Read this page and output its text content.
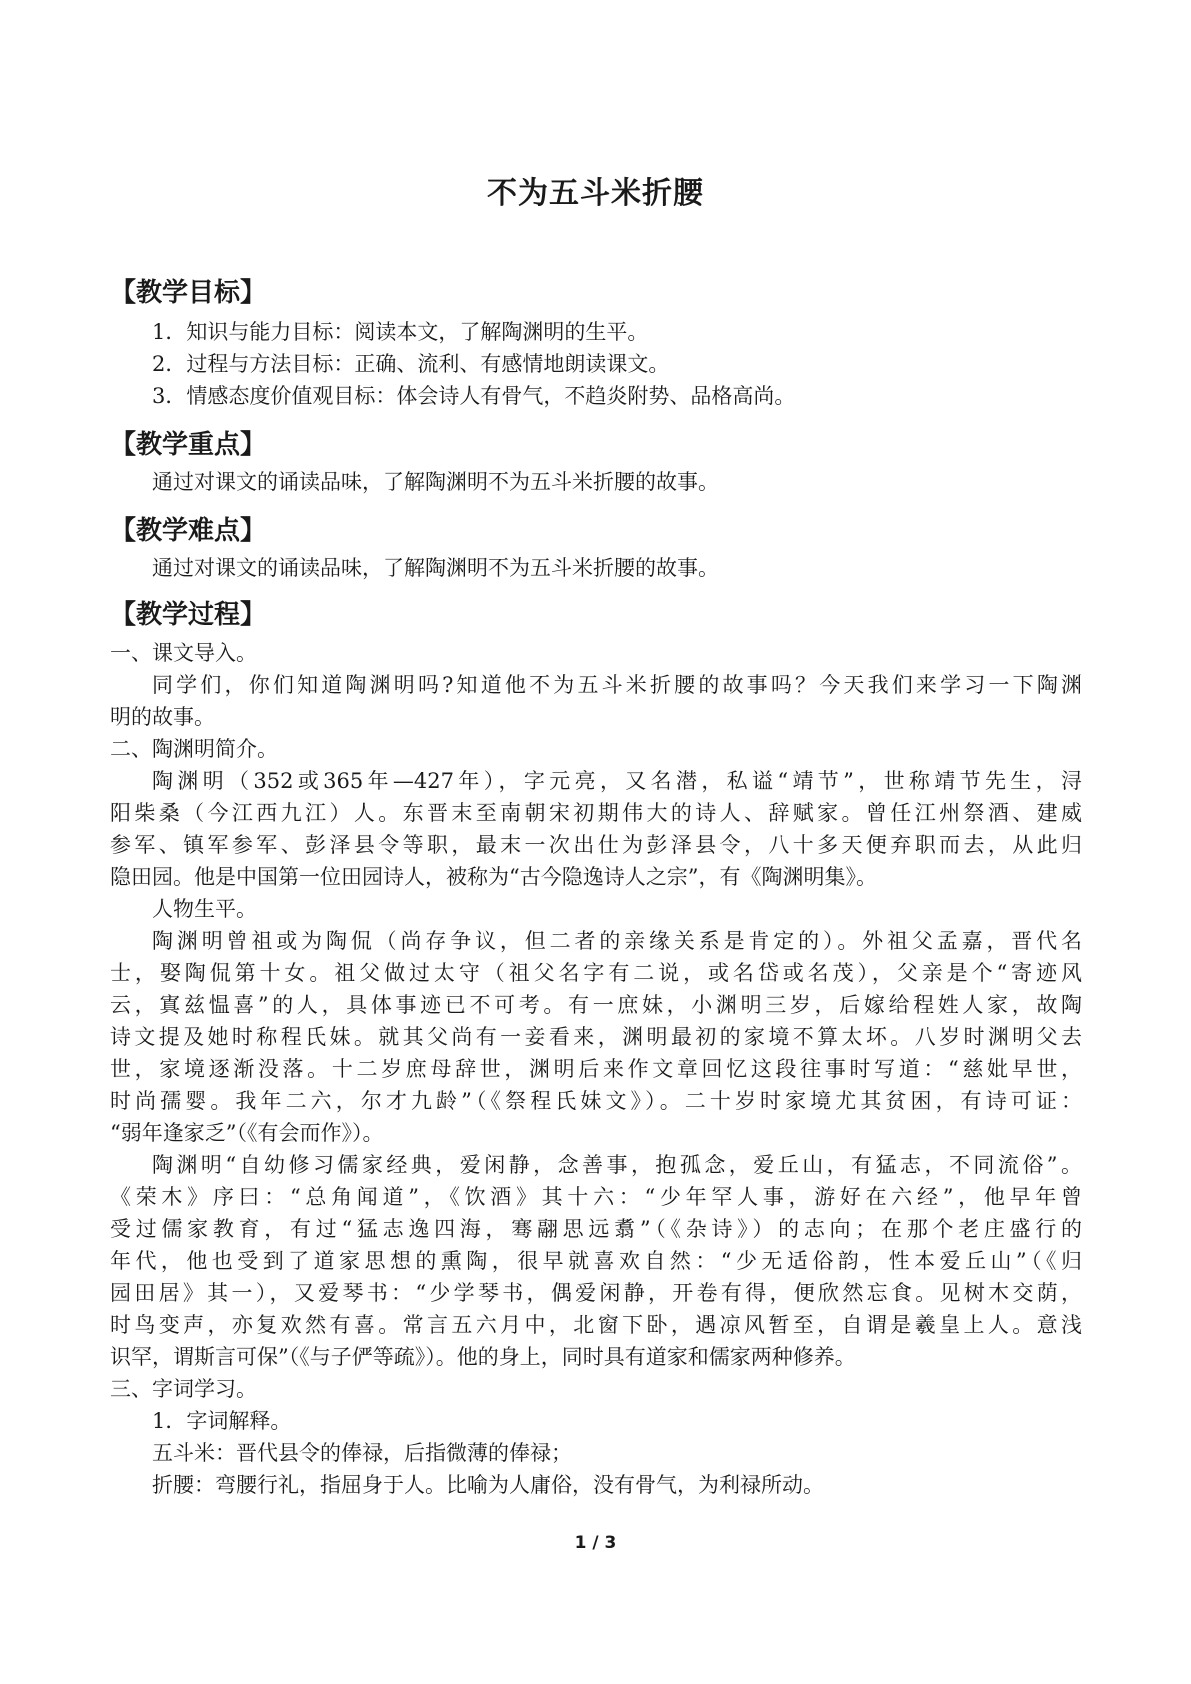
不为五斗米折腰
【教学目标】
1．知识与能力目标：阅读本文，了解陶渊明的生平。
2．过程与方法目标：正确、流利、有感情地朗读课文。
3．情感态度价值观目标：体会诗人有骨气，不趋炎附势、品格高尚。
【教学重点】
通过对课文的诵读品味，了解陶渊明不为五斗米折腰的故事。
【教学难点】
通过对课文的诵读品味，了解陶渊明不为五斗米折腰的故事。
【教学过程】
一、课文导入。
同学们，你们知道陶渊明吗?知道他不为五斗米折腰的故事吗？今天我们来学习一下陶渊
明的故事。
二、陶渊明简介。
陶渊明（352或365年—427年），字元亮，又名潜，私谥“靖节”，世称靖节先生，浔
阳柴桑（今江西九江）人。东晋末至南朝宋初期伟大的诗人、辞赋家。曾任江州祭酒、建威
参军、镇军参军、彭泽县令等职，最末一次出仕为彭泽县令，八十多天便弃职而去，从此归
隐田园。他是中国第一位田园诗人，被称为“古今隐逸诗人之宗”，有《陶渊明集》。
人物生平。
陶渊明曾祖或为陶侃（尚存争议，但二者的亲缘关系是肯定的）。外祖父孟嘉，晋代名
士，娶陶侃第十女。祖父做过太守（祖父名字有二说，或名岱或名茂），父亲是个“寄迹风
云，寘兹愠喜”的人，具体事迹已不可考。有一庶妹，小渊明三岁，后嫁给程姓人家，故陶
诗文提及她时称程氏妹。就其父尚有一妾看来，渊明最初的家境不算太坏。八岁时渊明父去
世，家境逐渐没落。十二岁庶母辞世，渊明后来作文章回忆这段往事时写道：“慈妣早世，
时尚孺婴。我年二六，尔才九龄”（《祭程氏妹文》）。二十岁时家境尤其贫困，有诗可证：
“弱年逢家乏”（《有会而作》）。
陶渊明“自幼修习儒家经典，爱闲静，念善事，抱孤念，爱丘山，有猛志，不同流俗”。
《荣木》序曰：“总角闻道”，《饮酒》其十六：“少年罕人事，游好在六经”，他早年曾
受过儒家教育，有过“猛志逸四海，骞翮思远翥”（《杂诗》）的志向；在那个老庄盛行的
年代，他也受到了道家思想的熏陶，很早就喜欢自然：“少无适俗韵，性本爱丘山”（《归
园田居》其一），又爱琴书：“少学琴书，偶爱闲静，开卷有得，便欣然忘食。见树木交荫，
时鸟变声，亦复欢然有喜。常言五六月中，北窗下卧，遇凉风暂至，自谓是羲皇上人。意浅
识罕，谓斯言可保”（《与子俨等疏》）。他的身上，同时具有道家和儒家两种修养。
三、字词学习。
1．字词解释。
五斗米：晋代县令的俸禄，后指微薄的俸禄；
折腰：弯腰行礼，指屈身于人。比喻为人庸俗，没有骨气，为利禄所动。
1 / 3
